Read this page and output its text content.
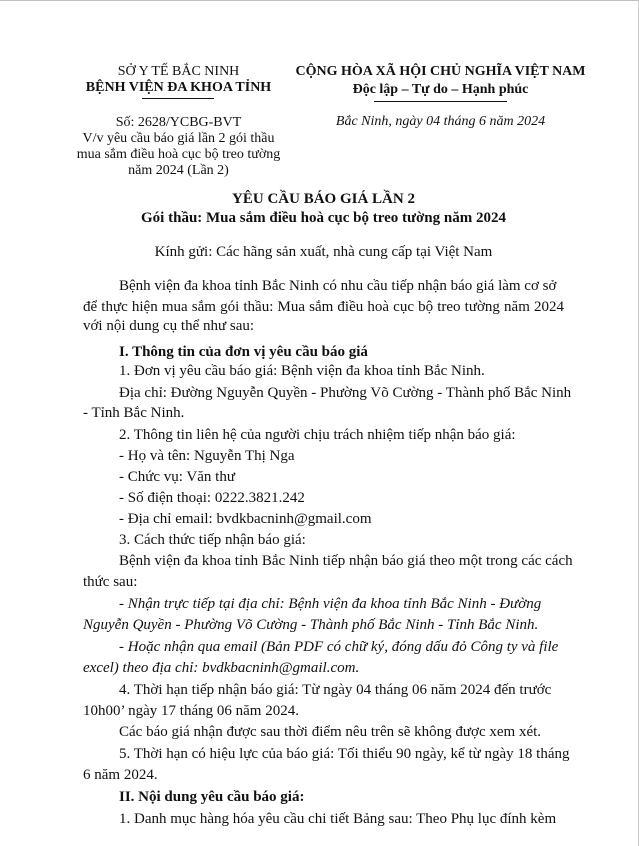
SỞ Y TẾ BẮC NINH
BỆNH VIỆN ĐA KHOA TỈNH
Số: 2628/YCBG-BVT
V/v yêu cầu báo giá lần 2 gói thầu
mua sắm điều hoà cục bộ treo tường
năm 2024 (Lần 2)
CỘNG HÒA XÃ HỘI CHỦ NGHĨA VIỆT NAM
Độc lập – Tự do – Hạnh phúc
Bắc Ninh, ngày 04 tháng 6 năm 2024
YÊU CẦU BÁO GIÁ LẦN 2
Gói thầu: Mua sắm điều hoà cục bộ treo tường năm 2024
Kính gửi: Các hãng sản xuất, nhà cung cấp tại Việt Nam
Bệnh viện đa khoa tỉnh Bắc Ninh có nhu cầu tiếp nhận báo giá làm cơ sở
để thực hiện mua sắm gói thầu: Mua sắm điều hoà cục bộ treo tường năm 2024
với nội dung cụ thể như sau:
I. Thông tin của đơn vị yêu cầu báo giá
1. Đơn vị yêu cầu báo giá: Bệnh viện đa khoa tỉnh Bắc Ninh.
Địa chỉ: Đường Nguyễn Quyền - Phường Võ Cường - Thành phố Bắc Ninh
- Tỉnh Bắc Ninh.
2. Thông tin liên hệ của người chịu trách nhiệm tiếp nhận báo giá:
- Họ và tên: Nguyễn Thị Nga
- Chức vụ: Văn thư
- Số điện thoại: 0222.3821.242
- Địa chỉ email: bvdkbacninh@gmail.com
3. Cách thức tiếp nhận báo giá:
Bệnh viện đa khoa tỉnh Bắc Ninh tiếp nhận báo giá theo một trong các cách
thức sau:
- Nhận trực tiếp tại địa chỉ: Bệnh viện đa khoa tỉnh Bắc Ninh - Đường
Nguyễn Quyền - Phường Võ Cường - Thành phố Bắc Ninh - Tỉnh Bắc Ninh.
- Hoặc nhận qua email (Bản PDF có chữ ký, đóng dấu đỏ Công ty và file
excel) theo địa chỉ: bvdkbacninh@gmail.com.
4. Thời hạn tiếp nhận báo giá: Từ ngày 04 tháng 06 năm 2024 đến trước
10h00’ ngày 17 tháng 06 năm 2024.
Các báo giá nhận được sau thời điểm nêu trên sẽ không được xem xét.
5. Thời hạn có hiệu lực của báo giá: Tối thiểu 90 ngày, kể từ ngày 18 tháng
6 năm 2024.
II. Nội dung yêu cầu báo giá:
1. Danh mục hàng hóa yêu cầu chi tiết Bảng sau: Theo Phụ lục đính kèm
